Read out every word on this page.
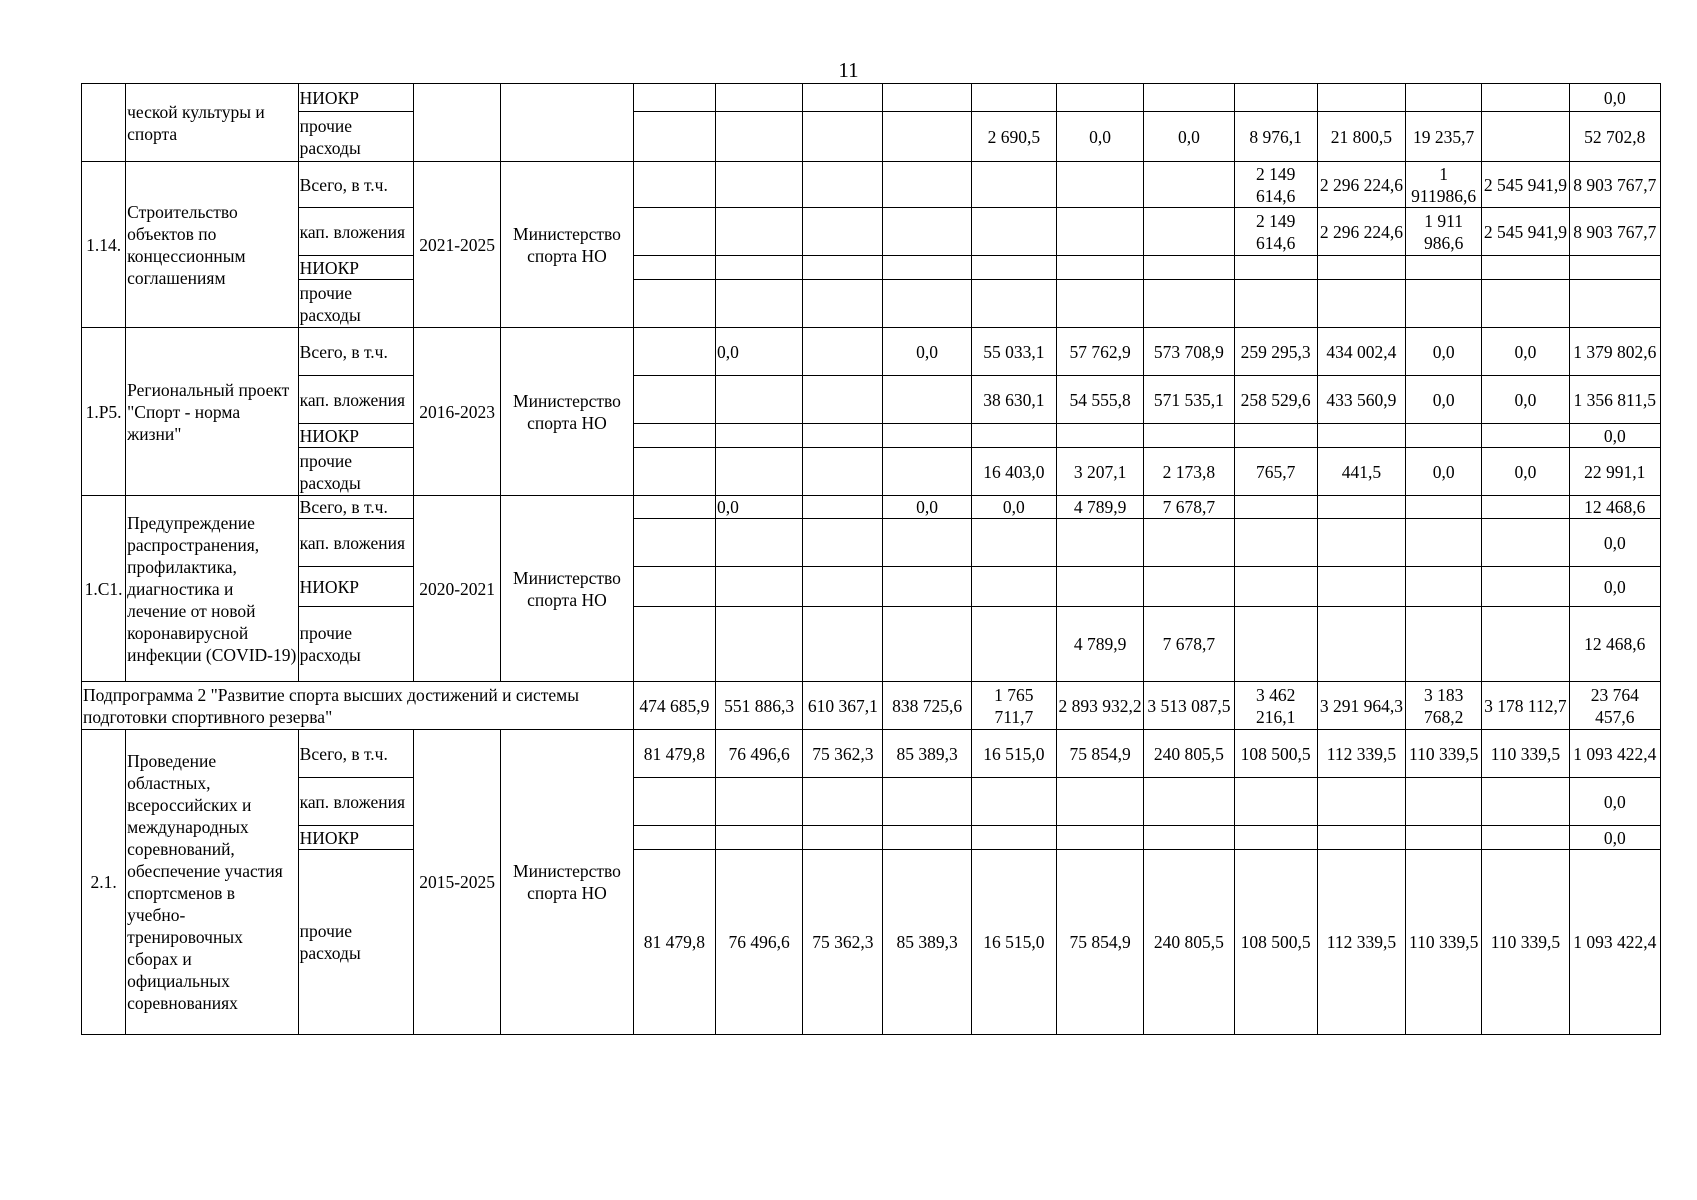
11
	ческой культуры и спорта	НИОКР														0,0
		прочие расходы							2 690,5	0,0	0,0	8 976,1	21 800,5	19 235,7		52 702,8
1.14.	Строительство объектов по концессионным соглашениям	Всего, в т.ч.	2021-2025	Министерство спорта НО								2 149 614,6	2 296 224,6	1 911986,6	2 545 941,9	8 903 767,7
		кап. вложения										2 149 614,6	2 296 224,6	1 911 986,6	2 545 941,9	8 903 767,7
		НИОКР														
		прочие расходы														
1.Р5.	Региональный проект "Спорт - норма жизни"	Всего, в т.ч.	2016-2023	Министерство спорта НО		0,0		0,0	55 033,1	57 762,9	573 708,9	259 295,3	434 002,4	0,0	0,0	1 379 802,6
		кап. вложения							38 630,1	54 555,8	571 535,1	258 529,6	433 560,9	0,0	0,0	1 356 811,5
		НИОКР														0,0
		прочие расходы							16 403,0	3 207,1	2 173,8	765,7	441,5	0,0	0,0	22 991,1
1.С1.	Предупреждение распространения, профилактика, диагностика и лечение от новой коронавирусной инфекции (COVID-19)	Всего, в т.ч.	2020-2021	Министерство спорта НО		0,0		0,0	0,0	4 789,9	7 678,7					12 468,6
		кап. вложения														0,0
		НИОКР														0,0
		прочие расходы								4 789,9	7 678,7					12 468,6
Подпрограмма 2 "Развитие спорта высших достижений и системы подготовки спортивного резерва"					474 685,9	551 886,3	610 367,1	838 725,6	1 765 711,7	2 893 932,2	3 513 087,5	3 462 216,1	3 291 964,3	3 183 768,2	3 178 112,7	23 764 457,6
2.1.	Проведение областных, всероссийских и международных соревнований, обеспечение участия спортсменов в учебно-тренировочных сборах и официальных соревнованиях	Всего, в т.ч.	2015-2025	Министерство спорта НО	81 479,8	76 496,6	75 362,3	85 389,3	16 515,0	75 854,9	240 805,5	108 500,5	112 339,5	110 339,5	110 339,5	1 093 422,4
		кап. вложения														0,0
		НИОКР														0,0
		прочие расходы			81 479,8	76 496,6	75 362,3	85 389,3	16 515,0	75 854,9	240 805,5	108 500,5	112 339,5	110 339,5	110 339,5	1 093 422,4
